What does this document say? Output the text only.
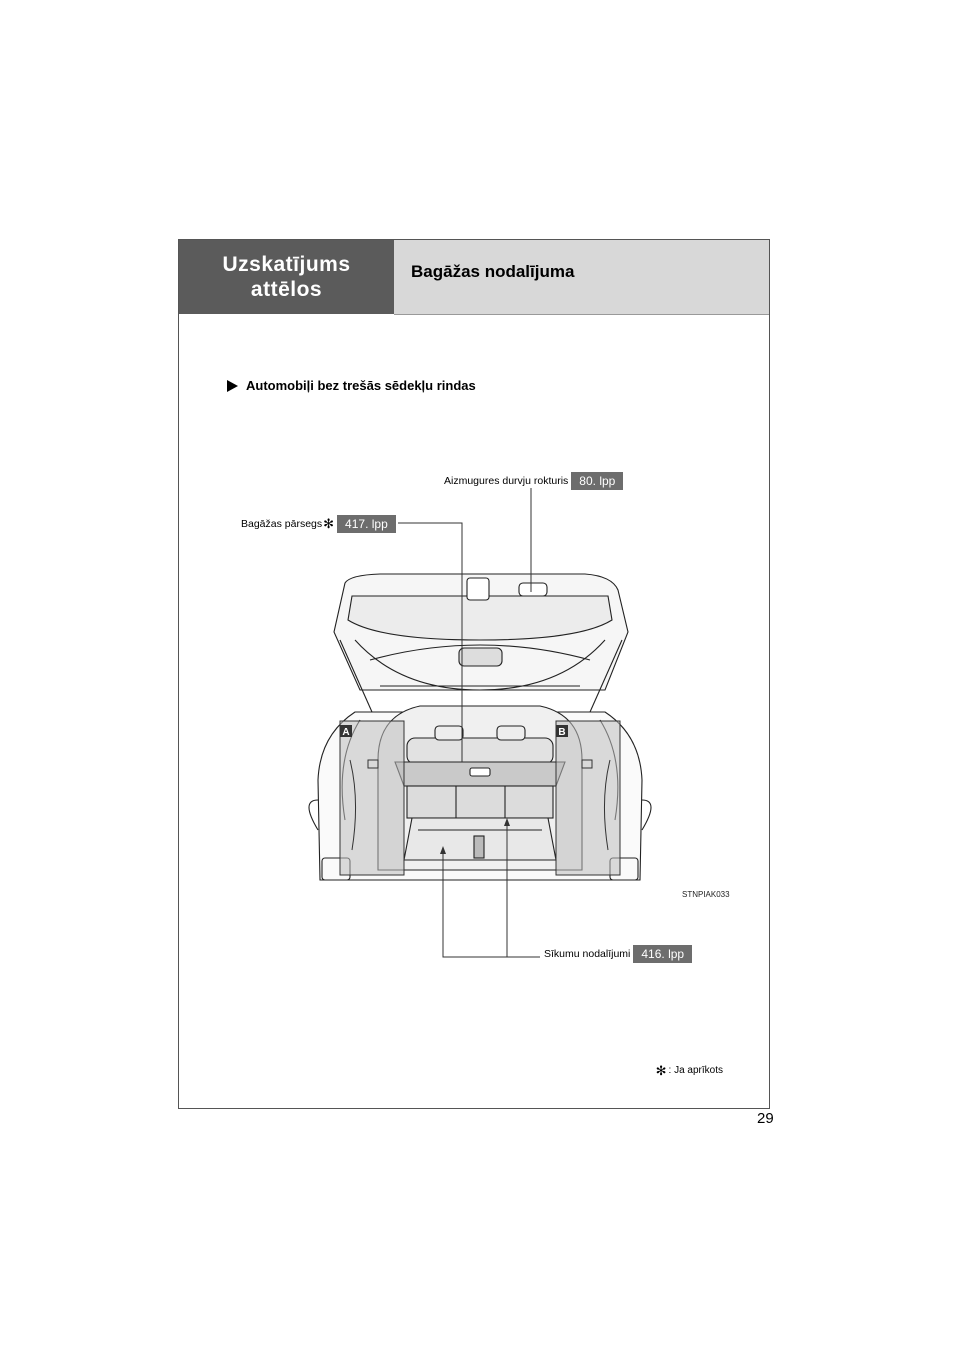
Uzskatījums attēlos
Bagāžas nodalījuma
Automobiļi bez trešās sēdekļu rindas
✻ : Ja aprīkots
A	B
Aizmugures durvju rokturis 80. lpp
Bagāžas pārsegs ✻ 417. lpp
Sīkumu nodalījumi 416. lpp
STNPIAK033
29
